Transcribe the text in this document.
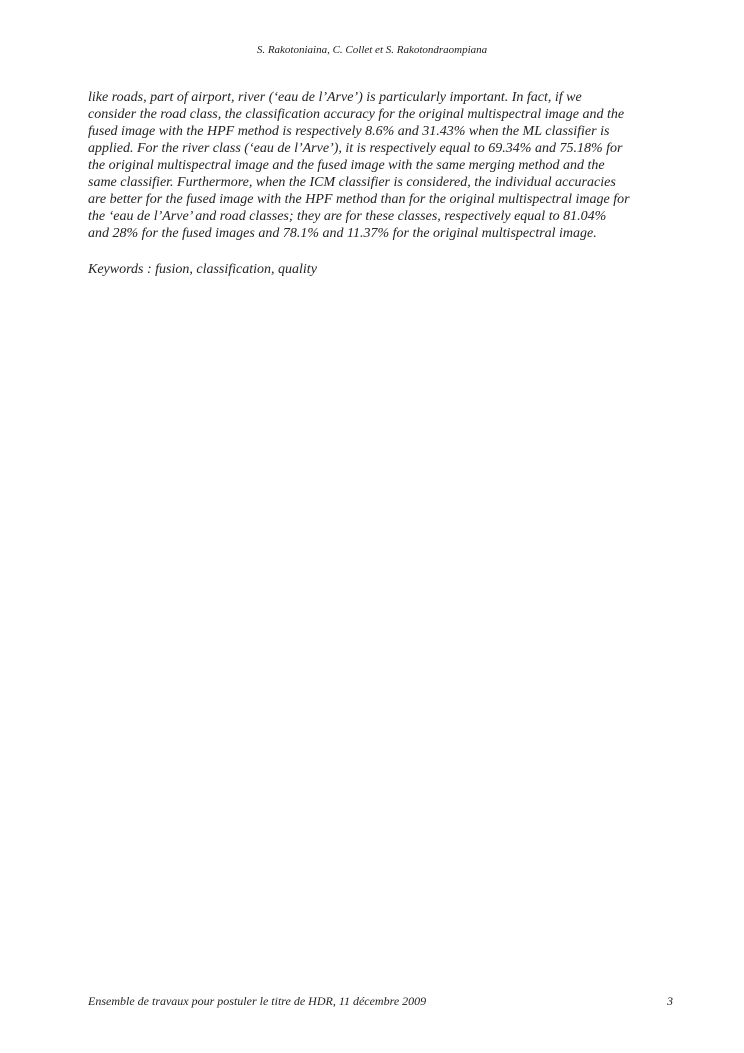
S. Rakotoniaina, C. Collet et S. Rakotondraompiana
like roads, part of airport, river (‘eau de l’Arve’) is particularly important. In fact, if we
consider the road class, the classification accuracy for the original multispectral image and the
fused image with the HPF method is respectively 8.6% and 31.43% when the ML classifier is
applied. For the river class (‘eau de l’Arve’), it is respectively equal to 69.34% and 75.18% for
the original multispectral image and the fused image with the same merging method and the
same classifier. Furthermore, when the ICM classifier is considered, the individual accuracies
are better for the fused image with the HPF method than for the original multispectral image for
the ‘eau de l’Arve’ and road classes; they are for these classes, respectively equal to 81.04%
and 28% for the fused images and 78.1% and 11.37% for the original multispectral image.
Keywords : fusion, classification, quality
Ensemble de travaux pour postuler le titre de HDR, 11 décembre 2009	3
